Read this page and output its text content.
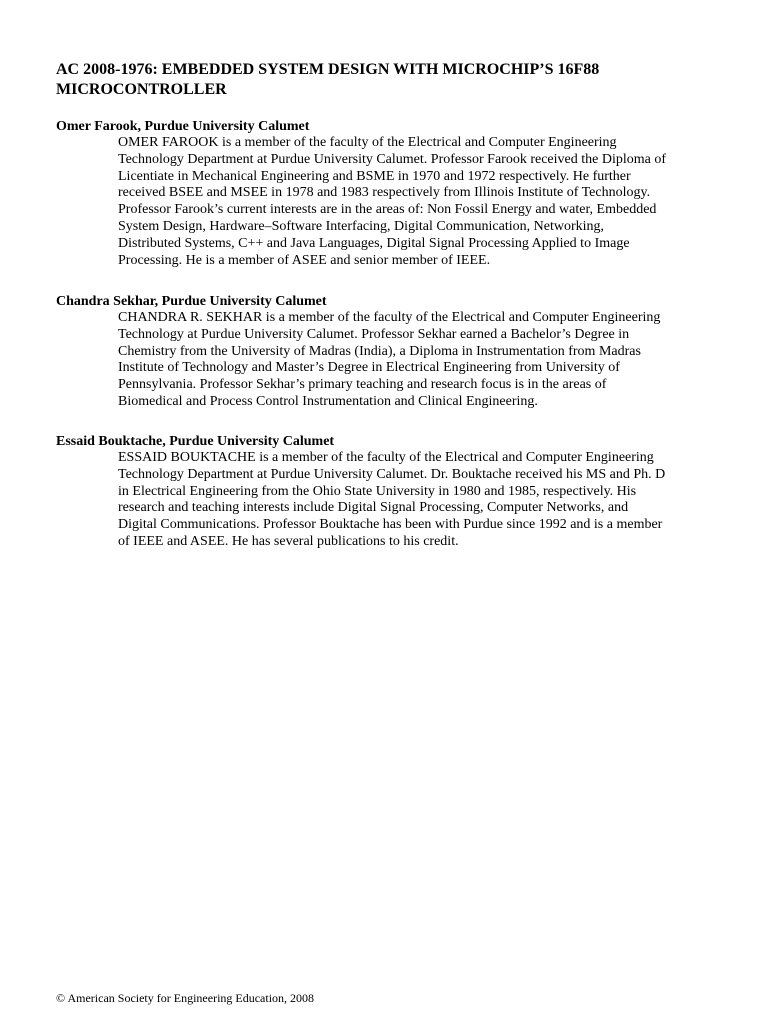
AC 2008-1976: EMBEDDED SYSTEM DESIGN WITH MICROCHIP’S 16F88
MICROCONTROLLER
Omer Farook, Purdue University Calumet

OMER FAROOK is a member of the faculty of the Electrical and Computer Engineering
Technology Department at Purdue University Calumet. Professor Farook received the Diploma of
Licentiate in Mechanical Engineering and BSME in 1970 and 1972 respectively. He further
received BSEE and MSEE in 1978 and 1983 respectively from Illinois Institute of Technology.
Professor Farook’s current interests are in the areas of: Non Fossil Energy and water, Embedded
System Design, Hardware–Software Interfacing, Digital Communication, Networking,
Distributed Systems, C++ and Java Languages, Digital Signal Processing Applied to Image
Processing. He is a member of ASEE and senior member of IEEE.

Chandra Sekhar, Purdue University Calumet

CHANDRA R. SEKHAR is a member of the faculty of the Electrical and Computer Engineering
Technology at Purdue University Calumet. Professor Sekhar earned a Bachelor’s Degree in
Chemistry from the University of Madras (India), a Diploma in Instrumentation from Madras
Institute of Technology and Master’s Degree in Electrical Engineering from University of
Pennsylvania. Professor Sekhar’s primary teaching and research focus is in the areas of
Biomedical and Process Control Instrumentation and Clinical Engineering.

Essaid Bouktache, Purdue University Calumet

ESSAID BOUKTACHE is a member of the faculty of the Electrical and Computer Engineering
Technology Department at Purdue University Calumet. Dr. Bouktache received his MS and Ph. D
in Electrical Engineering from the Ohio State University in 1980 and 1985, respectively. His
research and teaching interests include Digital Signal Processing, Computer Networks, and
Digital Communications. Professor Bouktache has been with Purdue since 1992 and is a member
of IEEE and ASEE. He has several publications to his credit.

© American Society for Engineering Education, 2008
